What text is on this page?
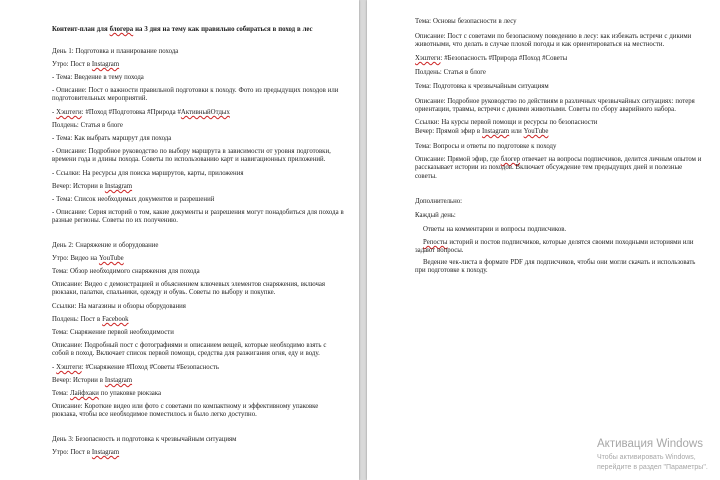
Контент-план для блогера на 3 дня на тему как правильно собираться в поход в лес
День 1: Подготовка и планирование похода
Утро: Пост в Instagram
- Тема: Введение в тему похода
- Описание: Пост о важности правильной подготовки к походу. Фото из предыдущих походов или подготовительных мероприятий.
- Хэштеги: #Поход #Подготовка #Природа #АктивныйОтдых
Полдень: Статья в блоге
- Тема: Как выбрать маршрут для похода
- Описание: Подробное руководство по выбору маршрута в зависимости от уровня подготовки, времени года и длины похода. Советы по использованию карт и навигационных приложений.
- Ссылки: На ресурсы для поиска маршрутов, карты, приложения
Вечер: Истории в Instagram
- Тема: Список необходимых документов и разрешений
- Описание: Серия историй о том, какие документы и разрешения могут понадобиться для похода в разные регионы. Советы по их получению.
День 2: Снаряжение и оборудование
Утро: Видео на YouTube
Тема: Обзор необходимого снаряжения для похода
Описание: Видео с демонстрацией и объяснением ключевых элементов снаряжения, включая рюкзаки, палатки, спальники, одежду и обувь. Советы по выбору и покупке.
Ссылки: На магазины и обзоры оборудования
Полдень: Пост в Facebook
Тема: Снаряжение первой необходимости
Описание: Подробный пост с фотографиями и описанием вещей, которые необходимо взять с собой в поход. Включает список первой помощи, средства для разжигания огня, еду и воду.
- Хэштеги: #Снаряжение #Поход #Советы #Безопасность
Вечер: Истории в Instagram
Тема: Лайфхаки по упаковке рюкзака
Описание: Короткие видео или фото с советами по компактному и эффективному упаковке рюкзака, чтобы все необходимое поместилось и было легко доступно.
День 3: Безопасность и подготовка к чрезвычайным ситуациям
Утро: Пост в Instagram
Тема: Основы безопасности в лесу
Описание: Пост с советами по безопасному поведению в лесу: как избежать встречи с дикими животными, что делать в случае плохой погоды и как ориентироваться на местности.
Хэштеги: #Безопасность #Природа #Поход #Советы
Полдень: Статья в блоге
Тема: Подготовка к чрезвычайным ситуациям
Описание: Подробное руководство по действиям в различных чрезвычайных ситуациях: потеря ориентации, травмы, встречи с дикими животными. Советы по сбору аварийного набора.
Ссылки: На курсы первой помощи и ресурсы по безопасности
Вечер: Прямой эфир в Instagram или YouTube
Тема: Вопросы и ответы по подготовке к походу
Описание: Прямой эфир, где блогер отвечает на вопросы подписчиков, делится личным опытом и рассказывает истории из походов. Включает обсуждение тем предыдущих дней и полезные советы.
Дополнительно:
Каждый день:
Ответы на комментарии и вопросы подписчиков.
Репосты историй и постов подписчиков, которые делятся своими походными историями или задают вопросы.
Ведение чек-листа в формате PDF для подписчиков, чтобы они могли скачать и использовать при подготовке к походу.
Активация Windows
Чтобы активировать Windows, перейдите в раздел "Параметры".
